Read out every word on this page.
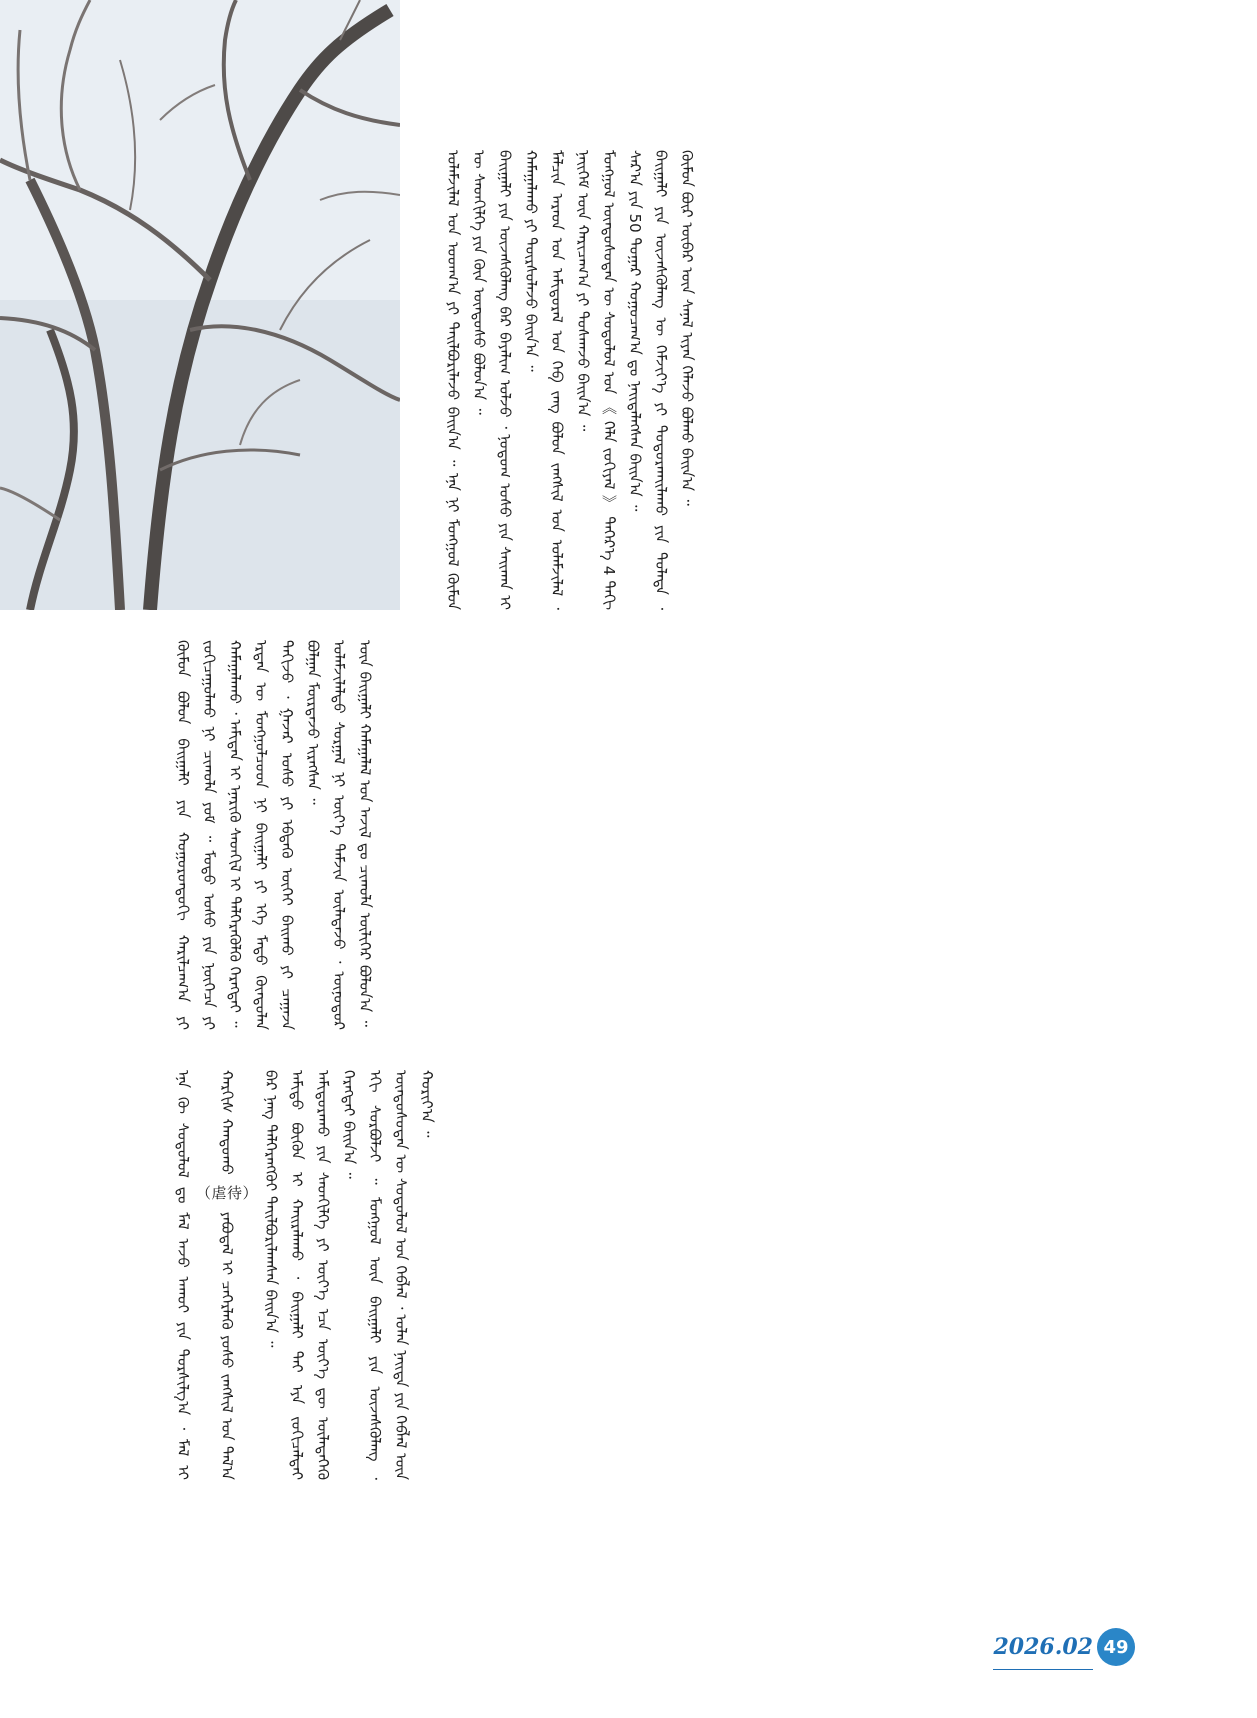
ᠤᠯᠠᠮᠵᠢᠯᠠᠯ ᠤᠨ ᠤᠳᠬ᠎ᠠ ᠶᠢ ᠲᠠᠢᠯᠪᠤᠷᠢᠯᠠᠵᠤ ᠪᠠᠢᠨ᠎ᠠ ᠃ ᠡᠨᠡ ᠨᠢ ᠮᠣᠩᠭᠣᠯ ᠬᠦᠮᠦᠨ ᠦ ᠰᠡᠳᠬᠢᠯᠭᠡ ᠶᠢᠨ ᠭᠦᠨ ᠦᠨᠳᠦᠰᠦ ᠪᠣᠯᠤᠨ᠎ᠠ ᠃ ᠪᠠᠢᠭᠠᠯᠢ ᠶᠢᠨ ᠦᠵᠡᠰᠭᠦᠯᠡᠩ ᠪᠡᠷ ᠪᠠᠶᠠᠯᠢᠭ ᠣᠯᠵᠤ ᠂ ᠨᠤᠲᠤᠭ ᠤᠰᠤ ᠶᠢᠨ ᠰᠠᠢᠬᠠᠨ ᠢ ᠬᠠᠮᠠᠭᠠᠯᠠᠬᠤ ᠶᠢ ᠳᠦᠷᠰᠦᠯᠡᠵᠦ ᠪᠠᠢᠨ᠎ᠠ ᠃ ᠮᠠᠯᠴᠢᠨ ᠠᠷᠠᠳ ᠤᠨ ᠠᠮᠢᠳᠤᠷᠠᠯ ᠤᠨ ᠬᠡᠪ ᠵᠠᠩ ᠪᠣᠯᠤᠨ ᠵᠠᠩᠰᠢᠯ ᠤᠨ ᠤᠯᠠᠮᠵᠢᠯᠠᠯ ᠂ ᠨᠡᠢᠭᠡᠮ ᠦᠨ ᠬᠠᠷᠢᠴᠠᠭ᠎ᠠ ᠶᠢ ᠲᠤᠰᠬᠠᠵᠤ ᠪᠠᠢᠨ᠎ᠠ ᠃ ᠮᠣᠩᠭᠣᠯ ᠦᠨᠳᠦᠰᠦᠲᠡᠨ ᠦ ᠰᠤᠳᠤᠯᠤᠯ ᠤᠨ 《 ᠬᠡᠯᠡ ᠵᠣᠬᠢᠶᠠᠯ 》 ᠳᠡᠭᠡᠷ᠎ᠡ 4 ᠳᠡᠬᠢ ᠰᠠᠷ᠎ᠠ ᠶᠢᠨ 50 ᠳᠤᠭᠠᠷ ᠬᠤᠭᠤᠴᠠᠭ᠎ᠠ ᠳᠤ ᠨᠡᠢᠲᠡᠯᠡᠭᠰᠡᠨ ᠪᠠᠢᠨ᠎ᠠ ᠃ ᠪᠠᠢᠭᠠᠯᠢ ᠶᠢᠨ ᠦᠵᠡᠰᠭᠦᠯᠡᠩ ᠦ ᠬᠡᠮᠵᠢᠶ᠎ᠡ ᠶᠢ ᠲᠣᠳᠣᠷᠬᠠᠢᠯᠠᠬᠤ ᠶᠢᠨ ᠲᠤᠯᠠᠳᠠ ᠂ ᠬᠦᠮᠦᠨ ᠪᠦᠷ ᠥᠪᠡᠷ ᠦᠨ ᠰᠠᠨᠠᠯ ᠢᠶᠠᠨ ᠬᠡᠯᠡᠵᠦ ᠪᠣᠯᠬᠤ ᠪᠠᠢᠨ᠎ᠠ ᠃

ᠬᠦᠮᠦᠨ ᠪᠣᠯᠤᠨ ᠪᠠᠢᠭᠠᠯᠢ ᠶᠢᠨ ᠬᠣᠭᠣᠷᠣᠨᠳᠣᠬᠢ ᠬᠠᠷᠢᠯᠴᠠᠭ᠎ᠠ ᠶᠢ ᠵᠣᠬᠢᠴᠠᠭᠤᠯᠬᠤ ᠨᠢ ᠴᠢᠬᠤᠯᠠ ᠶᠤᠮ ᠃ ᠮᠣᠳᠣ ᠤᠰᠤ ᠶᠢᠨ ᠨᠥᠭᠡᠴᠡ ᠶᠢ ᠬᠠᠮᠠᠭᠠᠯᠠᠬᠤ ᠂ ᠠᠮᠢᠲᠠᠨ ᠢ ᠡᠨᠡᠷᠢᠬᠦ ᠰᠡᠳᠬᠢᠯ ᠢ ᠲᠡᠯᠭᠡᠷᠡᠭᠦᠯᠬᠦ ᠬᠡᠷᠡᠭᠲᠡᠢ ᠃ ᠡᠷᠲᠡᠨ ᠦ ᠮᠣᠩᠭᠣᠯᠴᠤᠳ ᠨᠢ ᠪᠠᠢᠭᠠᠯᠢ ᠶᠢ ᠡᠬᠡ ᠮᠡᠲᠦ ᠬᠦᠨᠳᠦᠯᠡᠨ ᠳᠠᠬᠢᠵᠤ ᠂ ᠭᠠᠵᠠᠷ ᠤᠰᠤ ᠶᠢ ᠡᠪᠳᠡᠬᠦ ᠦᠭᠡᠢ ᠪᠠᠢᠬᠤ ᠶᠢ ᠴᠠᠭᠠᠵᠠ ᠪᠣᠯᠭᠠᠨ ᠮᠥᠷᠳᠡᠵᠦ ᠢᠷᠡᠭᠰᠡᠨ ᠃ ᠤᠯᠠᠮᠵᠢᠯᠠᠯᠲᠤ ᠰᠤᠷᠭᠠᠯ ᠨᠢ ᠦᠶ᠎ᠡ ᠳᠠᠮᠵᠢᠨ ᠦᠯᠡᠳᠡᠵᠦ ᠂ ᠥᠨᠥᠳᠦᠷ ᠦᠨ ᠪᠠᠢᠭᠠᠯᠢ ᠬᠠᠮᠠᠭᠠᠯᠠᠯ ᠤᠨ ᠠᠵᠢᠯ ᠳᠤ ᠴᠢᠬᠤᠯᠠ ᠦᠯᠢᠭᠡᠷ ᠪᠣᠯᠤᠨ᠎ᠠ ᠃

ᠡᠨᠡ ᠬᠦ ᠰᠤᠳᠤᠯᠤᠯ ᠳᠤ ᠮᠠᠯ ᠠᠵᠤ ᠠᠬᠤᠢ ᠶᠢᠨ ᠲᠤᠷᠰᠢᠯᠭ᠎ᠠ ᠂ ᠮᠠᠯ ᠢ ᠬᠠᠷᠭᠢᠰ ᠬᠠᠨᠳᠤᠬᠤ （虐待） ᠶᠠᠪᠤᠳᠠᠯ ᠢ ᠴᠡᠭᠡᠷᠯᠡᠬᠦ ᠶᠣᠰᠤ ᠵᠠᠩᠰᠢᠯ ᠤᠨ ᠲᠠᠯ᠎ᠠ ᠪᠠᠷ ᠨᠡᠩ ᠳᠡᠯᠭᠡᠷᠡᠩᠭᠦᠢ ᠲᠠᠢᠯᠪᠤᠷᠢᠯᠠᠭᠰᠠᠨ ᠪᠠᠢᠨ᠎ᠠ ᠃ ᠠᠮᠢᠳᠤ ᠪᠦᠬᠦᠨ ᠢ ᠬᠠᠢᠷᠠᠯᠠᠬᠤ ᠂ ᠪᠠᠢᠭᠠᠯᠢ ᠲᠠᠢ ᠡᠶᠡ ᠵᠣᠬᠢᠴᠠᠯᠲᠠᠢ ᠠᠮᠢᠳᠤᠷᠠᠬᠤ ᠶᠢᠨ ᠰᠡᠳᠬᠢᠯᠭᠡ ᠶᠢ ᠦᠶ᠎ᠡ ᠡᠴᠡ ᠦᠶ᠎ᠡ ᠳᠦ ᠦᠯᠡᠳᠡᠭᠡᠬᠦ ᠬᠡᠷᠡᠭᠲᠡᠢ ᠪᠠᠢᠨ᠎ᠠ ᠃ ᠡᠬᠢ ᠰᠤᠷᠪᠤᠯᠵᠢ ᠃ ᠮᠣᠩᠭᠣᠯ ᠦᠨ ᠪᠠᠢᠭᠠᠯᠢ ᠶᠢᠨ ᠦᠵᠡᠰᠭᠦᠯᠡᠩ ᠂ ᠦᠨᠳᠦᠰᠦᠲᠡᠨ ᠦ ᠰᠤᠳᠤᠯᠤᠯ ᠤᠨ ᠬᠡᠪᠯᠡᠯ ᠂ ᠣᠯᠠᠨ ᠨᠡᠢᠲᠡ ᠶᠢᠨ ᠬᠡᠪᠯᠡᠯ ᠦᠨ ᠬᠣᠷᠢᠶ᠎ᠠ ᠃

2026.02 49
